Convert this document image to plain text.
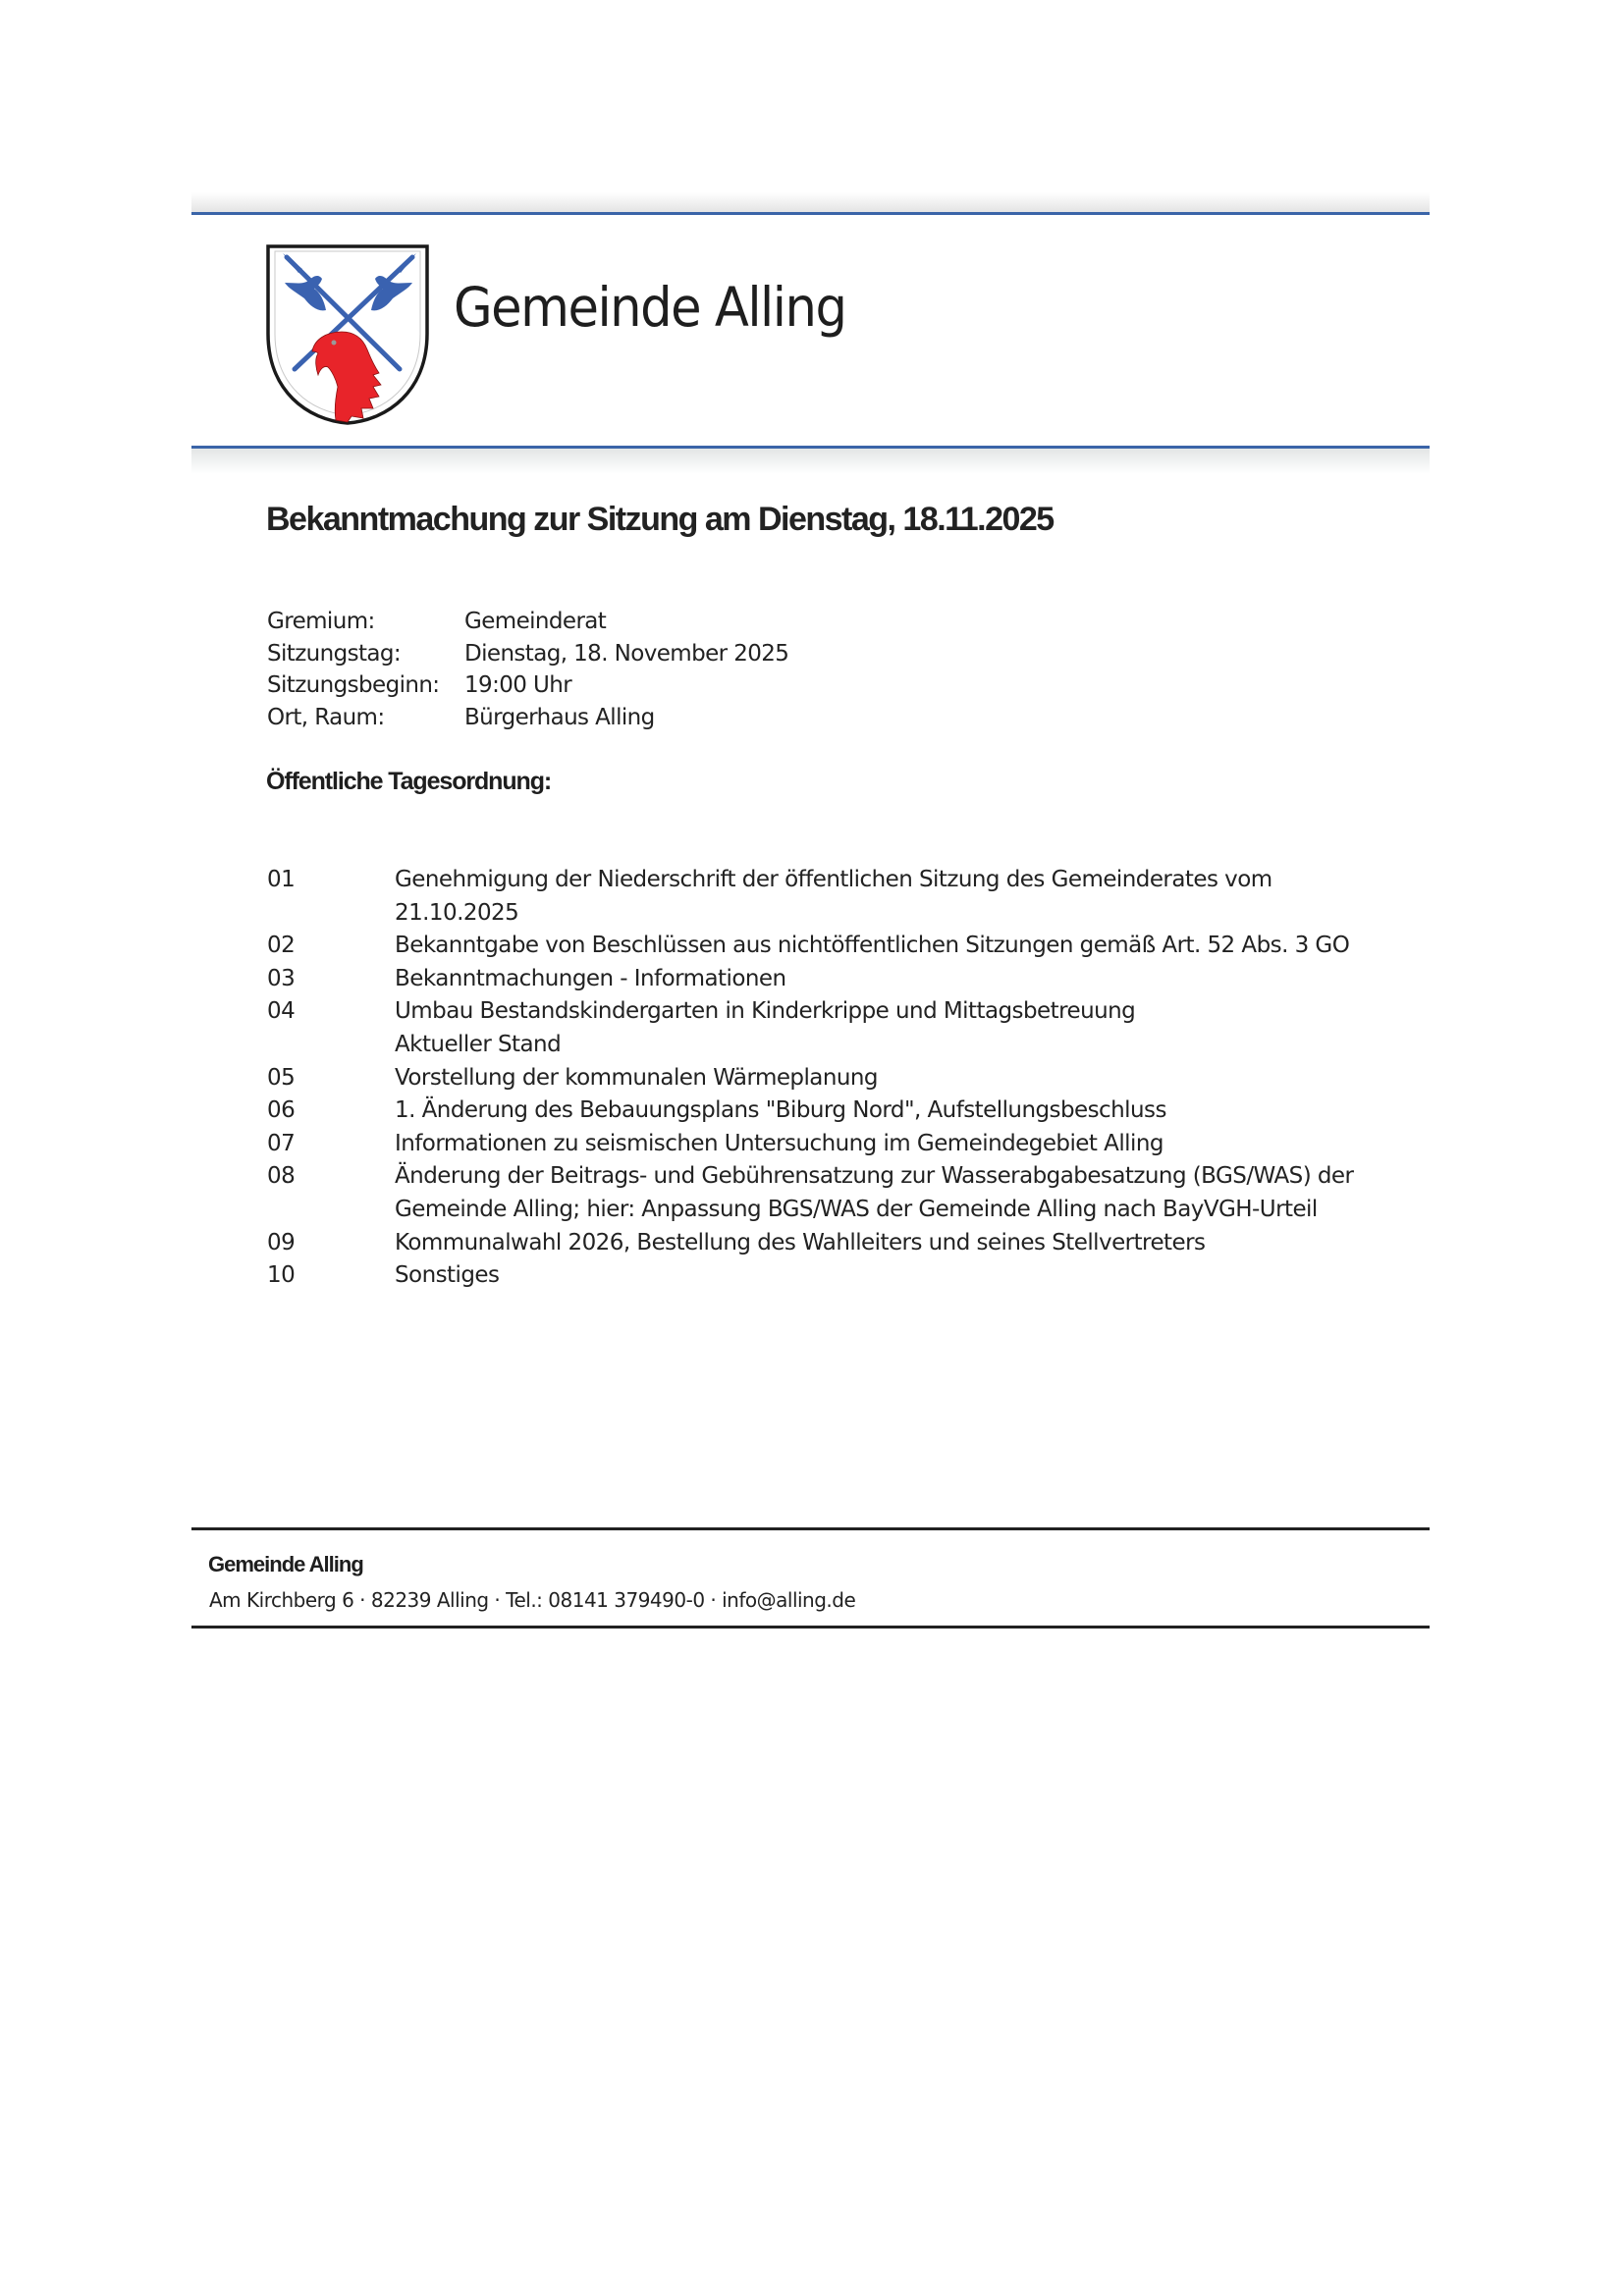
Gemeinde Alling
Bekanntmachung zur Sitzung am Dienstag, 18.11.2025
Gremium:	Gemeinderat
Sitzungstag:	Dienstag, 18. November 2025
Sitzungsbeginn: 19:00 Uhr
Ort, Raum:	Bürgerhaus Alling
Öffentliche Tagesordnung:
01	Genehmigung der Niederschrift der öffentlichen Sitzung des Gemeinderates vom
21.10.2025
02	Bekanntgabe von Beschlüssen aus nichtöffentlichen Sitzungen gemäß Art. 52 Abs. 3 GO
03	Bekanntmachungen - Informationen
04	Umbau Bestandskindergarten in Kinderkrippe und Mittagsbetreuung
Aktueller Stand
05	Vorstellung der kommunalen Wärmeplanung
06	1. Änderung des Bebauungsplans "Biburg Nord", Aufstellungsbeschluss
07	Informationen zu seismischen Untersuchung im Gemeindegebiet Alling
08	Änderung der Beitrags- und Gebührensatzung zur Wasserabgabesatzung (BGS/WAS) der
Gemeinde Alling; hier: Anpassung BGS/WAS der Gemeinde Alling nach BayVGH-Urteil
09	Kommunalwahl 2026, Bestellung des Wahlleiters und seines Stellvertreters
10	Sonstiges
Gemeinde Alling
Am Kirchberg 6 · 82239 Alling · Tel.: 08141 379490-0 · info@alling.de
